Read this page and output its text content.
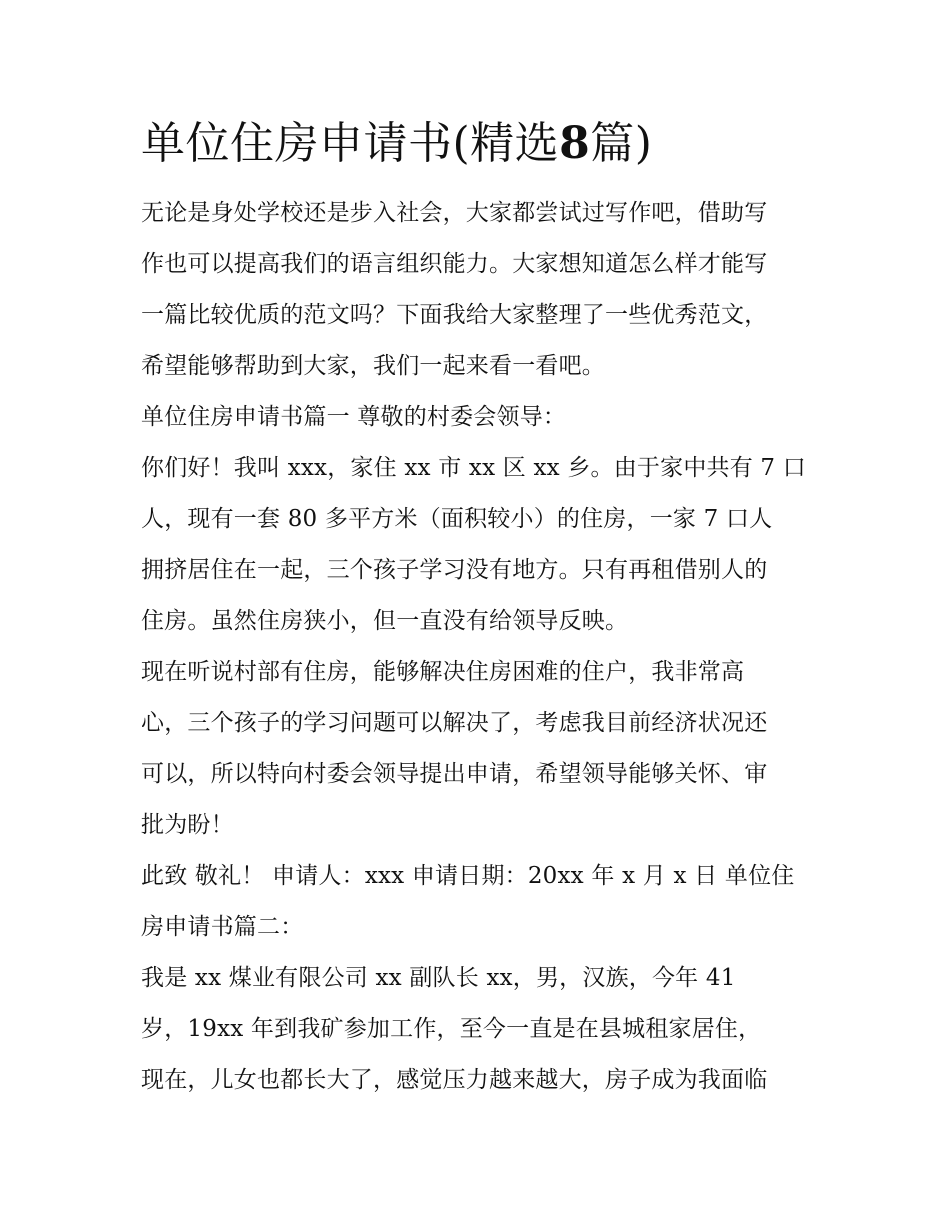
单位住房申请书(精选8篇)
无论是身处学校还是步入社会，大家都尝试过写作吧，借助写
作也可以提高我们的语言组织能力。大家想知道怎么样才能写
一篇比较优质的范文吗？下面我给大家整理了一些优秀范文，
希望能够帮助到大家，我们一起来看一看吧。
单位住房申请书篇一 尊敬的村委会领导：
你们好！我叫 xxx，家住 xx 市 xx 区 xx 乡。由于家中共有 7 口
人，现有一套 80 多平方米（面积较小）的住房，一家 7 口人
拥挤居住在一起，三个孩子学习没有地方。只有再租借别人的
住房。虽然住房狭小，但一直没有给领导反映。
现在听说村部有住房，能够解决住房困难的住户，我非常高
心，三个孩子的学习问题可以解决了，考虑我目前经济状况还
可以，所以特向村委会领导提出申请，希望领导能够关怀、审
批为盼！
此致 敬礼！ 申请人：xxx 申请日期：20xx 年 x 月 x 日 单位住
房申请书篇二：
我是 xx 煤业有限公司 xx 副队长 xx，男，汉族，今年 41
岁，19xx 年到我矿参加工作，至今一直是在县城租家居住，
现在，儿女也都长大了，感觉压力越来越大，房子成为我面临
